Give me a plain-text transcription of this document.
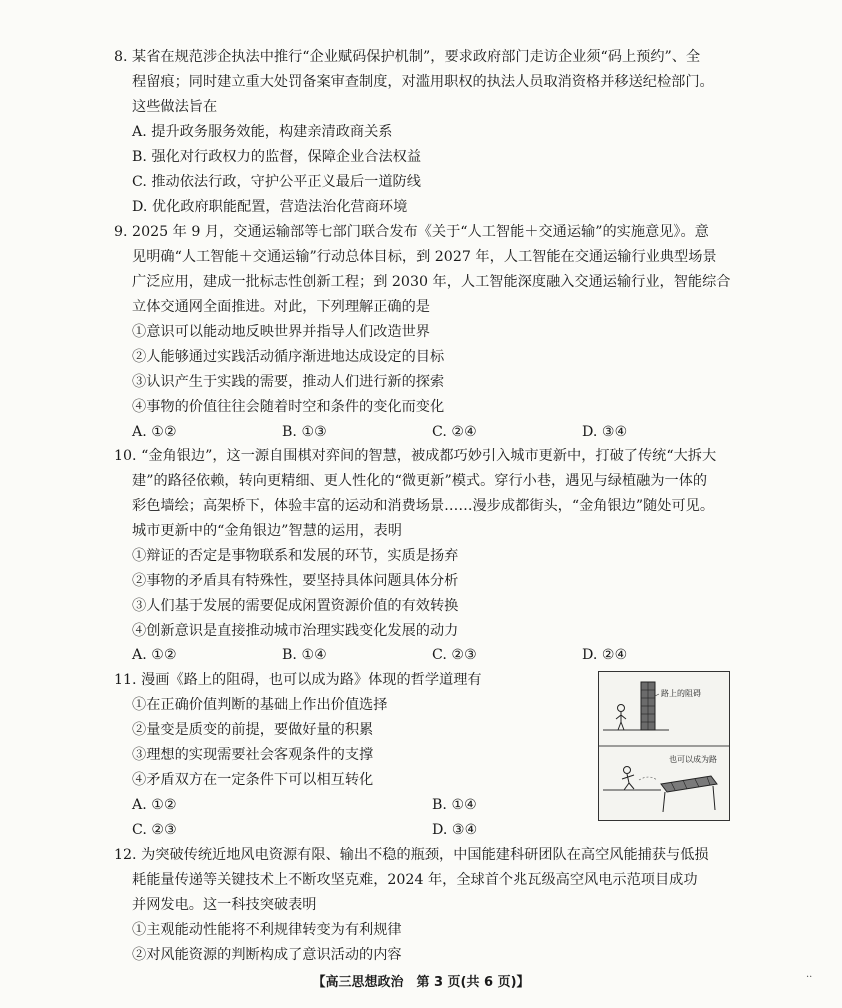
8. 某省在规范涉企执法中推行“企业赋码保护机制”，要求政府部门走访企业须“码上预约”、全
程留痕；同时建立重大处罚备案审查制度，对滥用职权的执法人员取消资格并移送纪检部门。
这些做法旨在
A. 提升政务服务效能，构建亲清政商关系
B. 强化对行政权力的监督，保障企业合法权益
C. 推动依法行政，守护公平正义最后一道防线
D. 优化政府职能配置，营造法治化营商环境
9. 2025 年 9 月，交通运输部等七部门联合发布《关于“人工智能＋交通运输”的实施意见》。意
见明确“人工智能＋交通运输”行动总体目标，到 2027 年，人工智能在交通运输行业典型场景
广泛应用，建成一批标志性创新工程；到 2030 年，人工智能深度融入交通运输行业，智能综合
立体交通网全面推进。对此，下列理解正确的是
①意识可以能动地反映世界并指导人们改造世界
②人能够通过实践活动循序渐进地达成设定的目标
③认识产生于实践的需要，推动人们进行新的探索
④事物的价值往往会随着时空和条件的变化而变化
A. ①②	B. ①③	C. ②④	D. ③④
10. “金角银边”，这一源自围棋对弈间的智慧，被成都巧妙引入城市更新中，打破了传统“大拆大
建”的路径依赖，转向更精细、更人性化的“微更新”模式。穿行小巷，遇见与绿植融为一体的
彩色墙绘；高架桥下，体验丰富的运动和消费场景……漫步成都街头，“金角银边”随处可见。
城市更新中的“金角银边”智慧的运用，表明
①辩证的否定是事物联系和发展的环节，实质是扬弃
②事物的矛盾具有特殊性，要坚持具体问题具体分析
③人们基于发展的需要促成闲置资源价值的有效转换
④创新意识是直接推动城市治理实践变化发展的动力
A. ①②	B. ①④	C. ②③	D. ②④
11. 漫画《路上的阻碍，也可以成为路》体现的哲学道理有
①在正确价值判断的基础上作出价值选择
②量变是质变的前提，要做好量的积累
③理想的实现需要社会客观条件的支撑
④矛盾双方在一定条件下可以相互转化
A. ①②	B. ①④
C. ②③	D. ③④
路上的阻碍
也可以成为路
12. 为突破传统近地风电资源有限、输出不稳的瓶颈，中国能建科研团队在高空风能捕获与低损
耗能量传递等关键技术上不断攻坚克难，2024 年，全球首个兆瓦级高空风电示范项目成功
并网发电。这一科技突破表明
①主观能动性能将不利规律转变为有利规律
②对风能资源的判断构成了意识活动的内容
【高三思想政治　第 3 页(共 6 页)】	··
